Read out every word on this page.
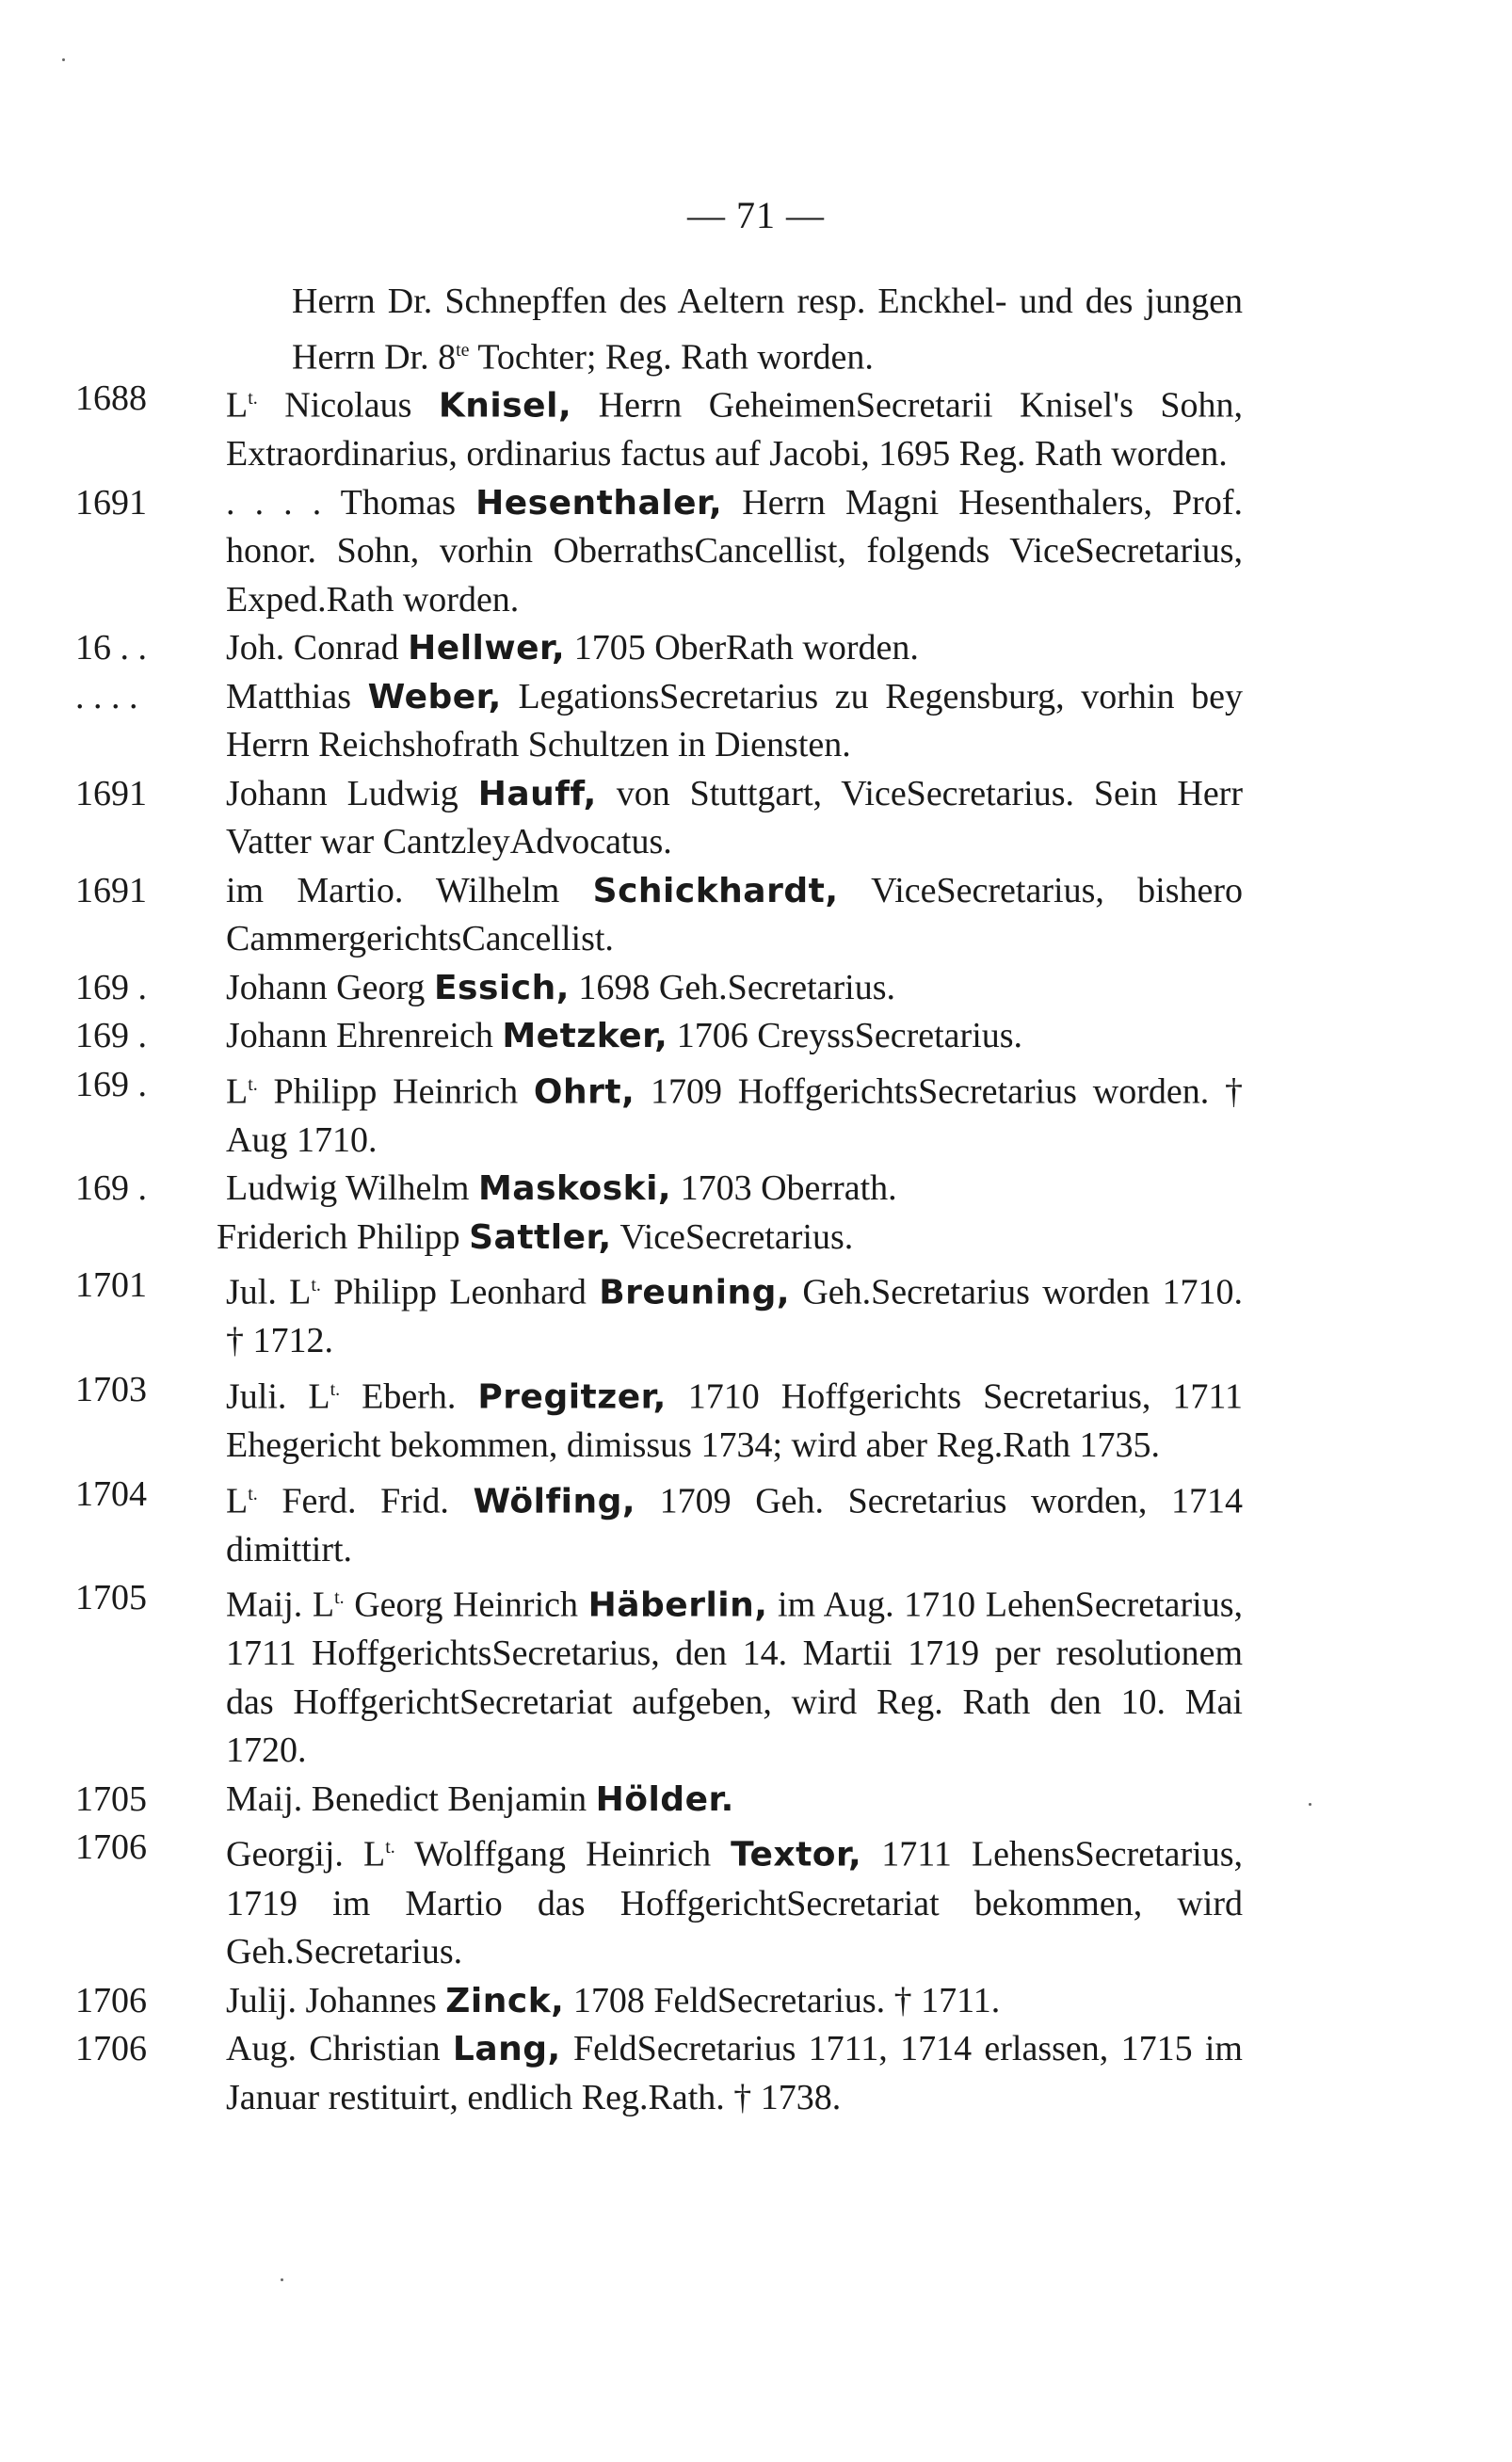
— 71 —
Herrn Dr. Schnepffen des Aeltern resp. Enckhel- und des jungen Herrn Dr. $8^{te}$ Tochter; Reg. Rath worden.
1688	$L^{t.}$ Nicolaus Knisel, Herrn GeheimenSecretarii Knisel's Sohn, Extraordinarius, ordinarius factus auf Jacobi, 1695 Reg. Rath worden.
1691	. . . . Thomas Hesenthaler, Herrn Magni Hesenthalers, Prof. honor. Sohn, vorhin OberrathsCancellist, folgends ViceSecretarius, Exped.Rath worden.
16 . .	Joh. Conrad Hellwer, 1705 OberRath worden.
. . . .	Matthias Weber, LegationsSecretarius zu Regensburg, vorhin bey Herrn Reichshofrath Schultzen in Diensten.
1691	Johann Ludwig Hauff, von Stuttgart, ViceSecretarius. Sein Herr Vatter war CantzleyAdvocatus.
1691	im Martio. Wilhelm Schickhardt, ViceSecretarius, bishero CammergerichtsCancellist.
169 .	Johann Georg Essich, 1698 Geh.Secretarius.
169 .	Johann Ehrenreich Metzker, 1706 CreyssSecretarius.
169 .	$L^{t.}$ Philipp Heinrich Ohrt, 1709 HoffgerichtsSecretarius worden. † Aug 1710.
169 .	Ludwig Wilhelm Maskoski, 1703 Oberrath.
Friderich Philipp Sattler, ViceSecretarius.
1701	Jul. $L^{t.}$ Philipp Leonhard Breuning, Geh.Secretarius worden 1710. † 1712.
1703	Juli. $L^{t.}$ Eberh. Pregitzer, 1710 Hoffgerichts Secretarius, 1711 Ehegericht bekommen, dimissus 1734; wird aber Reg.Rath 1735.
1704	$L^{t.}$ Ferd. Frid. Wölfing, 1709 Geh. Secretarius worden, 1714 dimittirt.
1705	Maij. $L^{t.}$ Georg Heinrich Häberlin, im Aug. 1710 LehenSecretarius, 1711 HoffgerichtsSecretarius, den 14. Martii 1719 per resolutionem das HoffgerichtSecretariat aufgeben, wird Reg. Rath den 10. Mai 1720.
1705	Maij. Benedict Benjamin Hölder.
1706	Georgij. $L^{t.}$ Wolffgang Heinrich Textor, 1711 LehensSecretarius, 1719 im Martio das HoffgerichtSecretariat bekommen, wird Geh.Secretarius.
1706	Julij. Johannes Zinck, 1708 FeldSecretarius. † 1711.
1706	Aug. Christian Lang, FeldSecretarius 1711, 1714 erlassen, 1715 im Januar restituirt, endlich Reg.Rath. † 1738.
